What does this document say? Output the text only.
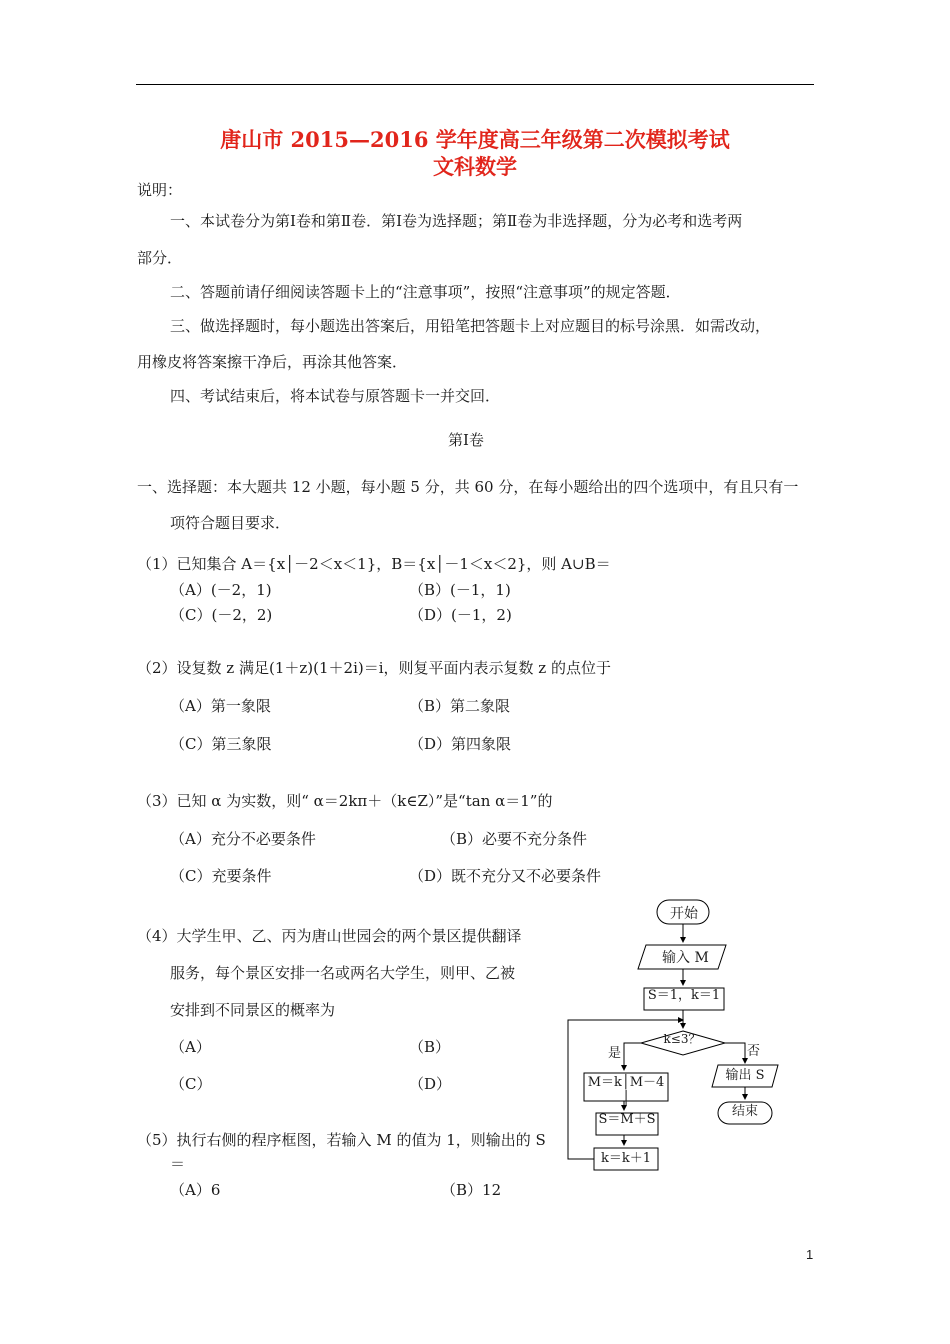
唐山市 2015—2016 学年度高三年级第二次模拟考试
文科数学
说明：
一、本试卷分为第Ⅰ卷和第Ⅱ卷．第Ⅰ卷为选择题；第Ⅱ卷为非选择题，分为必考和选考两
部分．
二、答题前请仔细阅读答题卡上的“注意事项”，按照“注意事项”的规定答题．
三、做选择题时，每小题选出答案后，用铅笔把答题卡上对应题目的标号涂黑．如需改动，
用橡皮将答案擦干净后，再涂其他答案．
四、考试结束后，将本试卷与原答题卡一并交回．
第Ⅰ卷
一、选择题：本大题共 12 小题，每小题 5 分，共 60 分，在每小题给出的四个选项中，有且只有一
项符合题目要求．
（1）已知集合 A＝{x│－2＜x＜1}，B＝{x│－1＜x＜2}，则 A∪B＝
（A）(－2，1)	（B）(－1，1)
（C）(－2，2)	（D）(－1，2)
（2）设复数 z 满足(1＋z)(1＋2i)＝i，则复平面内表示复数 z 的点位于
（A）第一象限	（B）第二象限
（C）第三象限	（D）第四象限
（3）已知 α 为实数，则“ α＝2kπ＋（k∈Z）”是“tan α＝1”的
（A）充分不必要条件	（B）必要不充分条件
（C）充要条件	（D）既不充分又不必要条件
（4）大学生甲、乙、丙为唐山世园会的两个景区提供翻译
服务，每个景区安排一名或两名大学生，则甲、乙被
安排到不同景区的概率为
（A）	（B）
（C）	（D）
（5）执行右侧的程序框图，若输入 M 的值为 1，则输出的 S
＝
（A）6	（B）12
开始
输入 M
S＝1，k＝1
k≤3？
是	否
M＝k│M－4│
S＝M＋S
k＝k＋1
输出 S
结束
1
